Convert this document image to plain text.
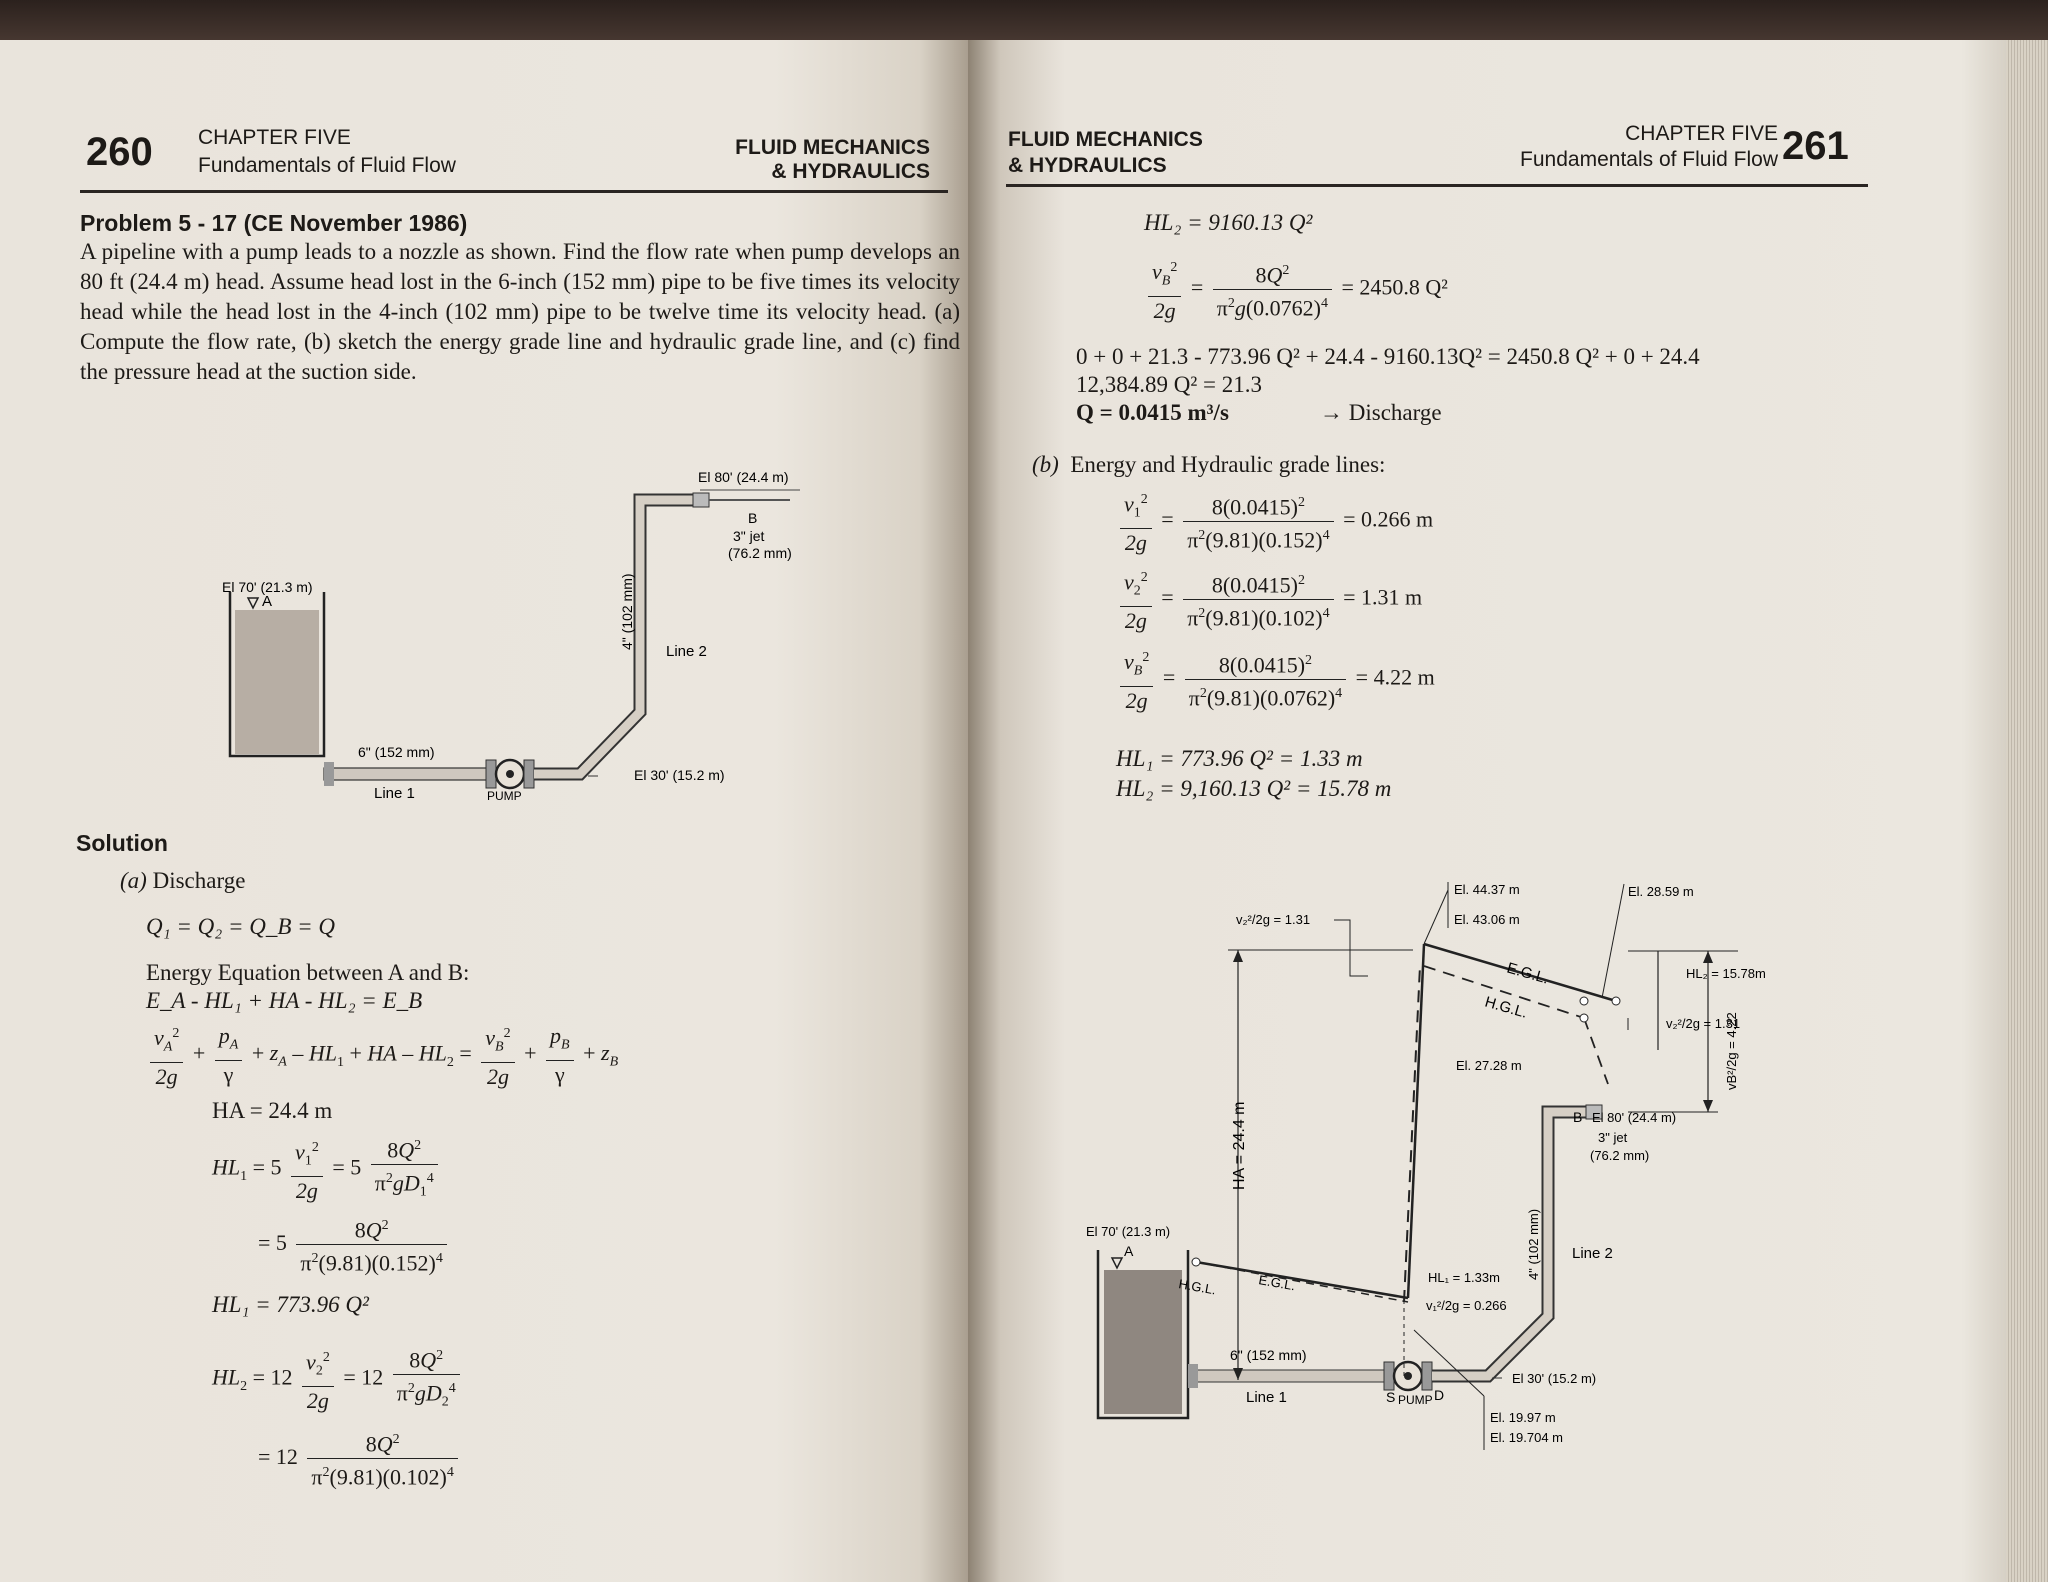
260 CHAPTER FIVE
Fundamentals of Fluid Flow
FLUID MECHANICS
& HYDRAULICS
Problem 5 - 17 (CE November 1986)
A pipeline with a pump leads to a nozzle as shown. Find the flow rate when pump develops an 80 ft (24.4 m) head. Assume head lost in the 6-inch (152 mm) pipe to be five times its velocity head while the head lost in the 4-inch (102 mm) pipe to be twelve time its velocity head. (a) Compute the flow rate, (b) sketch the energy grade line and hydraulic grade line, and (c) find the pressure head at the suction side.
El 80' (24.4 m)
B
3" jet
(76.2 mm)
El 70' (21.3 m)
A	4" (102 mm)
Line 2
6" (152 mm)
Line 1	PUMP
El 30' (15.2 m)
Solution
(a) Discharge
Q₁ = Q₂ = Q_B = Q
Energy Equation between A and B:
E_A - HL₁ + HA - HL₂ = E_B
$\frac{v_A^2}{2g} + \frac{p_A}{\gamma} + z_A - HL_1$ + HA – $HL_2 = \frac{v_B^2}{2g} + \frac{p_B}{\gamma} + z_B$
HA = 24.4 m
$HL_1 = 5 \frac{v_1^2}{2g} = 5 \frac{8Q^2}{\pi^2gD_1^4}$
= $5 \frac{8Q^2}{\pi^2(9.81)(0.152)^4}$
HL₁ = 773.96 Q²
$HL_2 = 12 \frac{v_2^2}{2g} = 12 \frac{8Q^2}{\pi^2gD_2^4}$
= $12 \frac{8Q^2}{\pi^2(9.81)(0.102)^4}$
FLUID MECHANICS
& HYDRAULICS
CHAPTER FIVE
Fundamentals of Fluid Flow 261
HL₂ = 9160.13 Q²
$\frac{v_B^2}{2g} = \frac{8Q^2}{\pi^2g(0.0762)^4} = 2450.8$ Q²
0 + 0 + 21.3 - 773.96 Q² + 24.4 - 9160.13Q² = 2450.8 Q² + 0 + 24.4
12,384.89 Q² = 21.3
Q = 0.0415 m³/s	→ Discharge
(b) Energy and Hydraulic grade lines:
$\frac{v_1^2}{2g} = \frac{8(0.0415)^2}{\pi^2(9.81)(0.152)^4} = 0.266$ m
$\frac{v_2^2}{2g} = \frac{8(0.0415)^2}{\pi^2(9.81)(0.102)^4} = 1.31$ m
$\frac{v_B^2}{2g} = \frac{8(0.0415)^2}{\pi^2(9.81)(0.0762)^4} = 4.22$ m
HL₁ = 773.96 Q² = 1.33 m
HL₂ = 9,160.13 Q² = 15.78 m
El. 44.37 m
El. 43.06 m
v₂²/2g = 1.31
El. 28.59 m
E.G.L.
H.G.L.
HL₂ = 15.78m
v₂²/2g = 1.31
vB²/2g = 4.22
El. 27.28 m
HA = 24.4 m	B El 80' (24.4 m)
3" jet
(76.2 mm)
El 70' (21.3 m)
A	4" (102 mm) Line 2
H.G.L.	E.G.L.	HL₁ = 1.33m
v₁²/2g = 0.266
6" (152 mm)
Line 1	S PUMP D
El 30' (15.2 m)
El. 19.97 m
El. 19.704 m
